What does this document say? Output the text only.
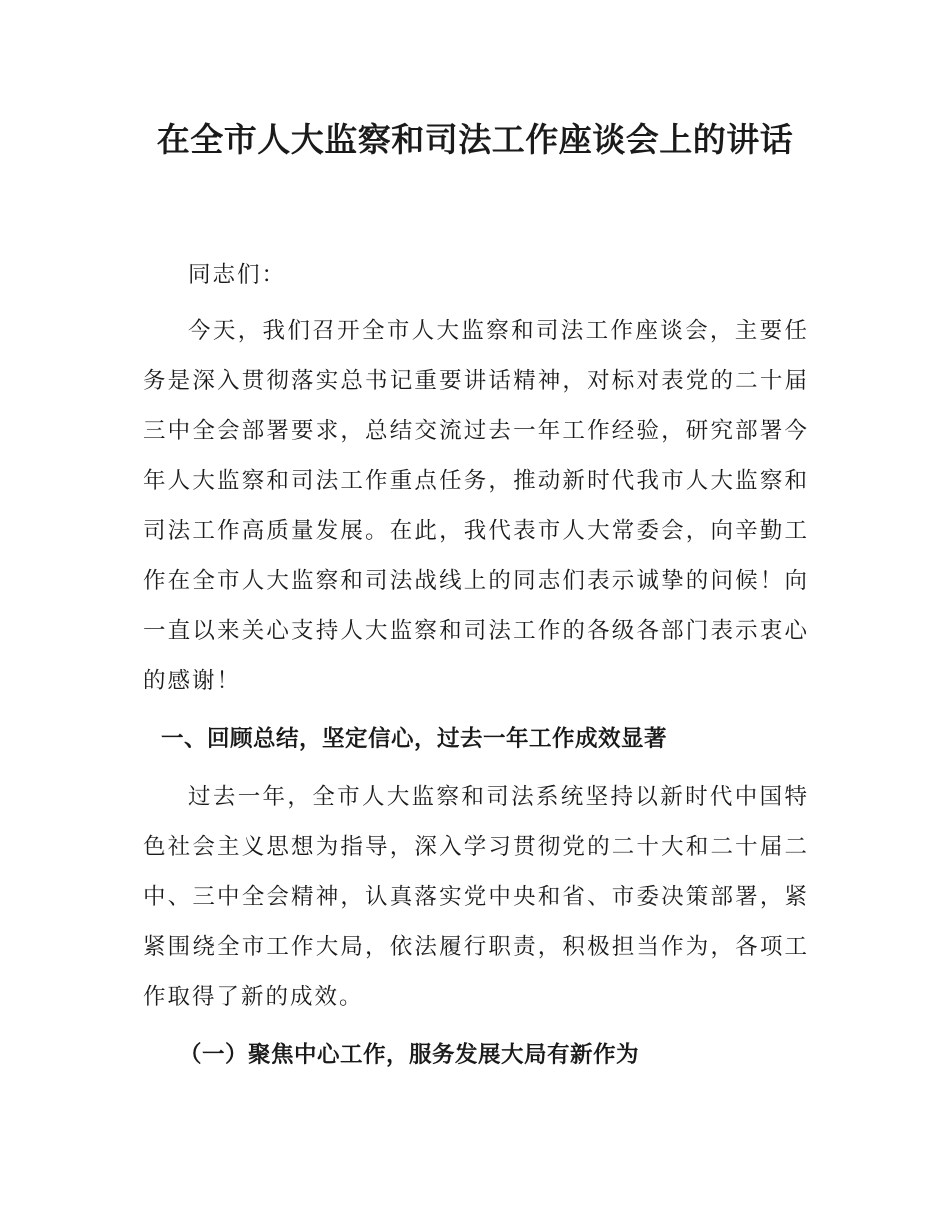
在全市人大监察和司法工作座谈会上的讲话

同志们：

今天，我们召开全市人大监察和司法工作座谈会，主要任务是深入贯彻落实总书记重要讲话精神，对标对表党的二十届三中全会部署要求，总结交流过去一年工作经验，研究部署今年人大监察和司法工作重点任务，推动新时代我市人大监察和司法工作高质量发展。在此，我代表市人大常委会，向辛勤工作在全市人大监察和司法战线上的同志们表示诚挚的问候！向一直以来关心支持人大监察和司法工作的各级各部门表示衷心的感谢！

一、回顾总结，坚定信心，过去一年工作成效显著

过去一年，全市人大监察和司法系统坚持以新时代中国特色社会主义思想为指导，深入学习贯彻党的二十大和二十届二中、三中全会精神，认真落实党中央和省、市委决策部署，紧紧围绕全市工作大局，依法履行职责，积极担当作为，各项工作取得了新的成效。

（一）聚焦中心工作，服务发展大局有新作为
